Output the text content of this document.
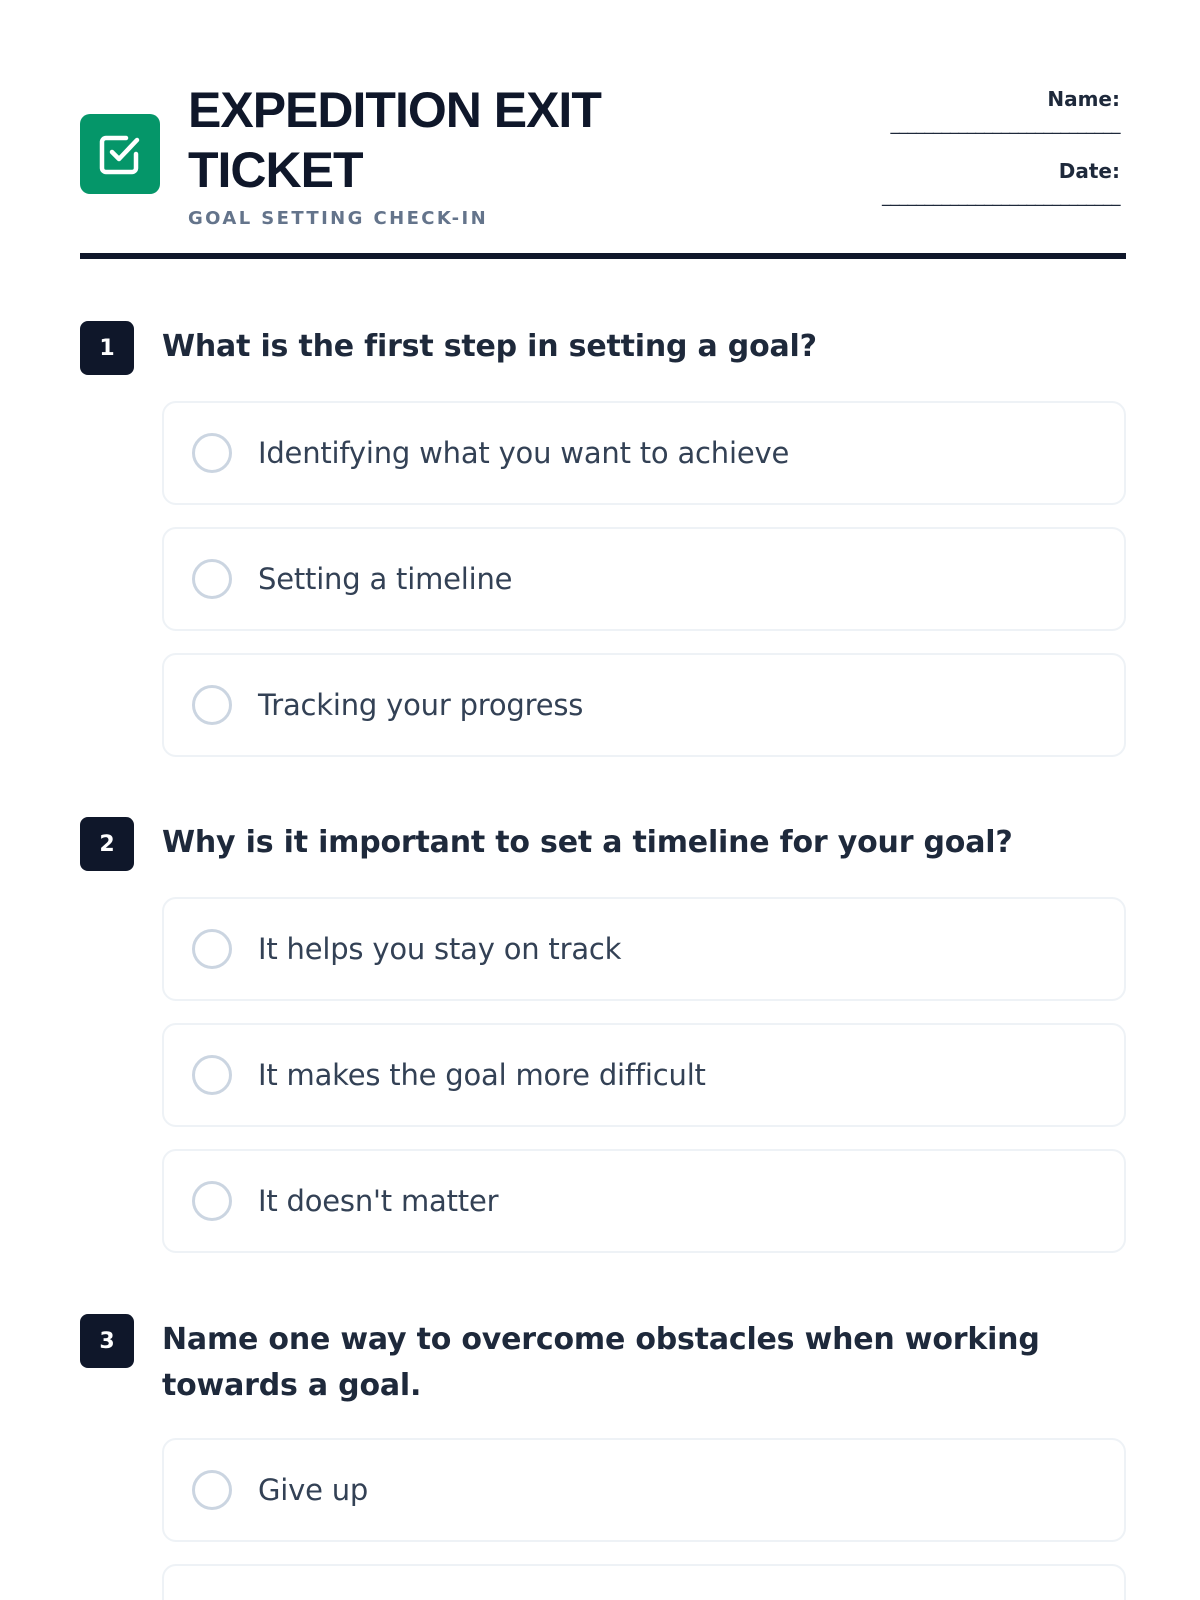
EXPEDITION EXIT TICKET
GOAL SETTING CHECK-IN
Name:
___________________________
Date:
____________________________
1	What is the first step in setting a goal?
Identifying what you want to achieve
Setting a timeline
Tracking your progress
2	Why is it important to set a timeline for your goal?
It helps you stay on track
It makes the goal more difficult
It doesn't matter
3	Name one way to overcome obstacles when working towards a goal.
Give up
